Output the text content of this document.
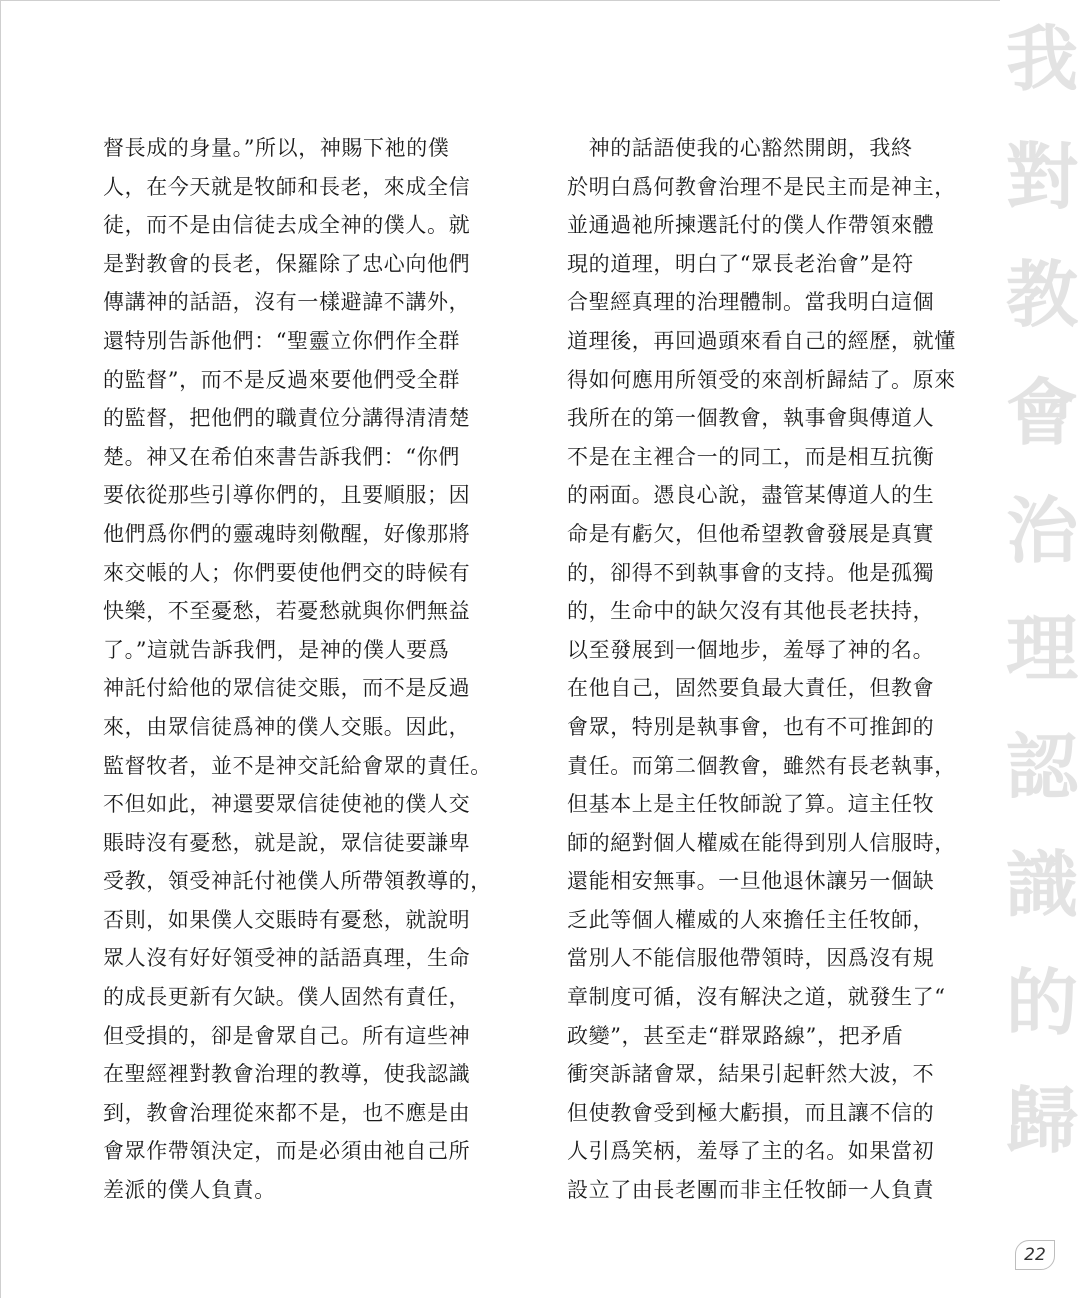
我
對
教
會
治
理
認
識
的
歸
督長成的身量。”所以，神賜下祂的僕
人，在今天就是牧師和長老，來成全信
徒，而不是由信徒去成全神的僕人。就
是對教會的長老，保羅除了忠心向他們
傳講神的話語，沒有一樣避諱不講外，
還特別告訴他們：“聖靈立你們作全群
的監督”，而不是反過來要他們受全群
的監督，把他們的職責位分講得清清楚
楚。神又在希伯來書告訴我們：“你們
要依從那些引導你們的，且要順服；因
他們爲你們的靈魂時刻儆醒，好像那將
來交帳的人；你們要使他們交的時候有
快樂，不至憂愁，若憂愁就與你們無益
了。”這就告訴我們，是神的僕人要爲
神託付給他的眾信徒交賬，而不是反過
來，由眾信徒爲神的僕人交賬。因此，
監督牧者，並不是神交託給會眾的責任。
不但如此，神還要眾信徒使祂的僕人交
賬時沒有憂愁，就是說，眾信徒要謙卑
受教，領受神託付祂僕人所帶領教導的，
否則，如果僕人交賬時有憂愁，就說明
眾人沒有好好領受神的話語真理，生命
的成長更新有欠缺。僕人固然有責任，
但受損的，卻是會眾自己。所有這些神
在聖經裡對教會治理的教導，使我認識
到，教會治理從來都不是，也不應是由
會眾作帶領決定，而是必須由祂自己所
差派的僕人負責。
　神的話語使我的心豁然開朗，我終
於明白爲何教會治理不是民主而是神主，
並通過祂所揀選託付的僕人作帶領來體
現的道理，明白了“眾長老治會”是符
合聖經真理的治理體制。當我明白這個
道理後，再回過頭來看自己的經歷，就懂
得如何應用所領受的來剖析歸結了。原來
我所在的第一個教會，執事會與傳道人
不是在主裡合一的同工，而是相互抗衡
的兩面。憑良心說，盡管某傳道人的生
命是有虧欠，但他希望教會發展是真實
的，卻得不到執事會的支持。他是孤獨
的，生命中的缺欠沒有其他長老扶持，
以至發展到一個地步，羞辱了神的名。
在他自己，固然要負最大責任，但教會
會眾，特別是執事會，也有不可推卸的
責任。而第二個教會，雖然有長老執事，
但基本上是主任牧師說了算。這主任牧
師的絕對個人權威在能得到別人信服時，
還能相安無事。一旦他退休讓另一個缺
乏此等個人權威的人來擔任主任牧師，
當別人不能信服他帶領時，因爲沒有規
章制度可循，沒有解決之道，就發生了“
政變”，甚至走“群眾路線”，把矛盾
衝突訴諸會眾，結果引起軒然大波，不
但使教會受到極大虧損，而且讓不信的
人引爲笑柄，羞辱了主的名。如果當初
設立了由長老團而非主任牧師一人負責
22
